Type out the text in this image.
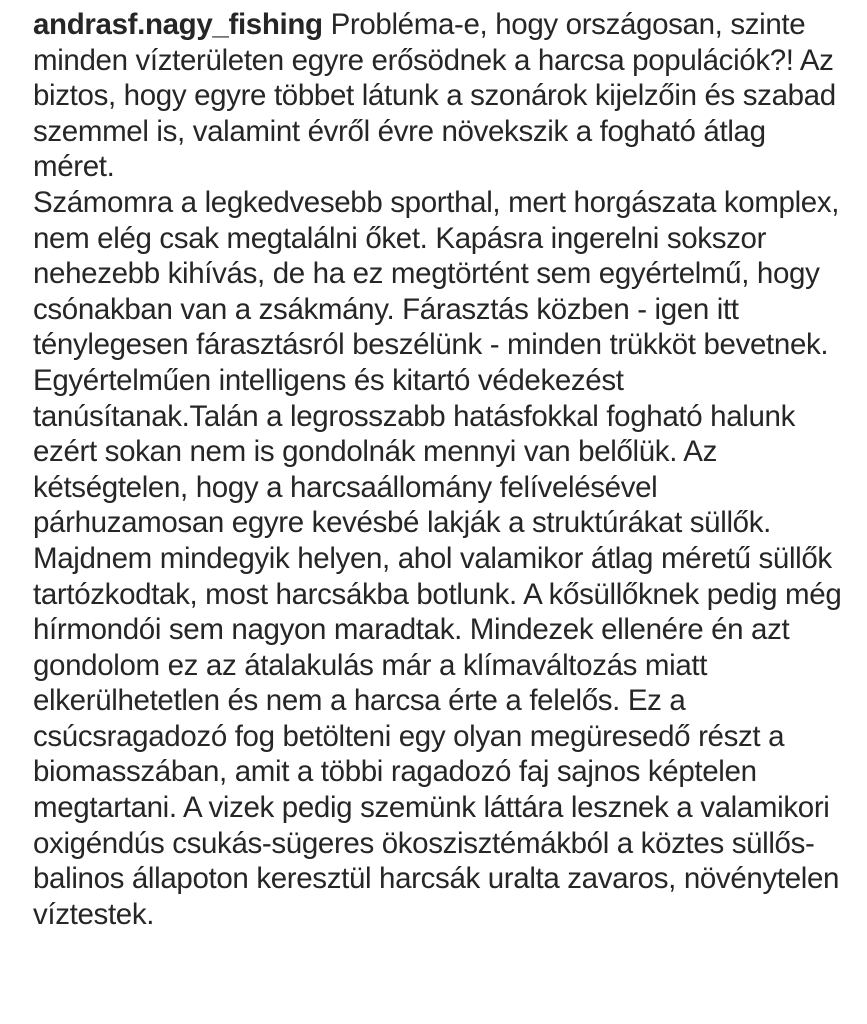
andrasf.nagy_fishing Probléma-e, hogy országosan, szinte minden vízterületen egyre erősödnek a harcsa populációk?! Az biztos, hogy egyre többet látunk a szonárok kijelzőin és szabad szemmel is, valamint évről évre növekszik a fogható átlag méret.

Számomra a legkedvesebb sporthal, mert horgászata komplex, nem elég csak megtalálni őket. Kapásra ingerelni sokszor nehezebb kihívás, de ha ez megtörtént sem egyértelmű, hogy csónakban van a zsákmány. Fárasztás közben - igen itt ténylegesen fárasztásról beszélünk - minden trükköt bevetnek. Egyértelműen intelligens és kitartó védekezést tanúsítanak.Talán a legrosszabb hatásfokkal fogható halunk ezért sokan nem is gondolnák mennyi van belőlük. Az kétségtelen, hogy a harcsaállomány felívelésével párhuzamosan egyre kevésbé lakják a struktúrákat süllők. Majdnem mindegyik helyen, ahol valamikor átlag méretű süllők tartózkodtak, most harcsákba botlunk. A kősüllőknek pedig még hírmondói sem nagyon maradtak. Mindezek ellenére én azt gondolom ez az átalakulás már a klímaváltozás miatt elkerülhetetlen és nem a harcsa érte a felelős. Ez a csúcsragadozó fog betölteni egy olyan megüresedő részt a biomasszában, amit a többi ragadozó faj sajnos képtelen megtartani. A vizek pedig szemünk láttára lesznek a valamikori oxigéndús csukás-sügeres ökoszisztémákból a köztes süllős-balinos állapoton keresztül harcsák uralta zavaros, növénytelen víztestek.
